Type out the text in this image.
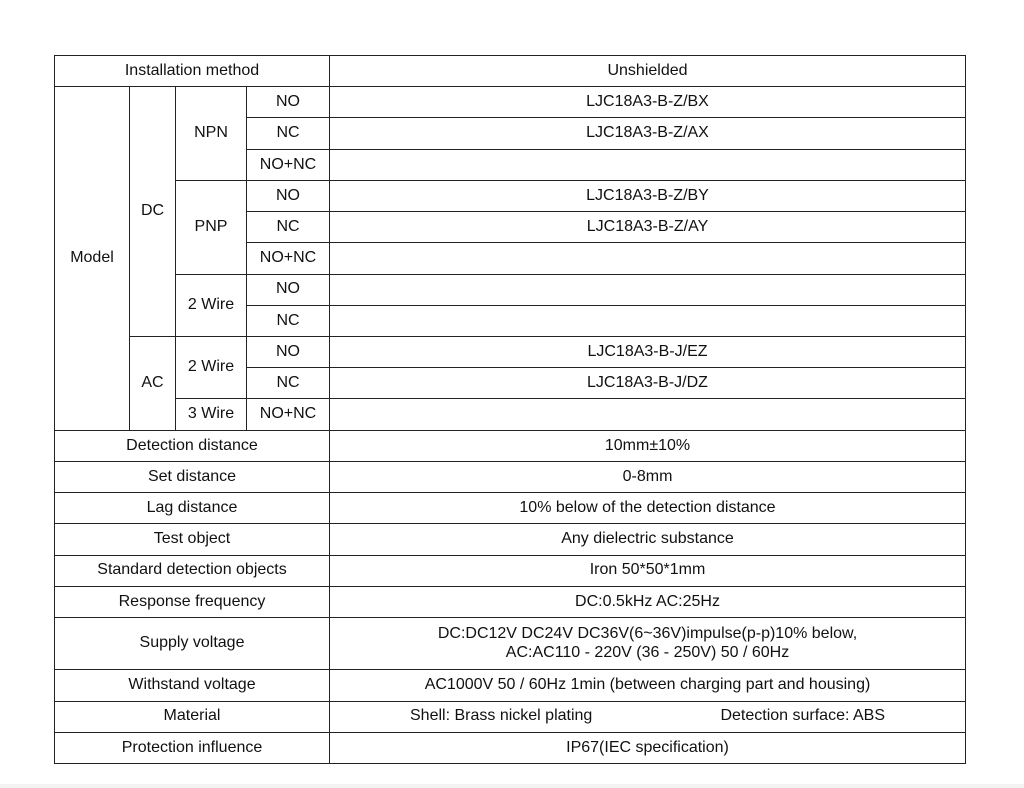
Installation method				Unshielded
Model	DC	NPN	NO	LJC18A3-B-Z/BX
			NC	LJC18A3-B-Z/AX
			NO+NC	
		PNP	NO	LJC18A3-B-Z/BY
			NC	LJC18A3-B-Z/AY
			NO+NC	
		2 Wire	NO	
			NC	
	AC	2 Wire	NO	LJC18A3-B-J/EZ
			NC	LJC18A3-B-J/DZ
		3 Wire	NO+NC	
Detection distance				10mm±10%
Set distance				0-8mm
Lag distance				10% below of the detection distance
Test object				Any dielectric substance
Standard detection objects				Iron 50*50*1mm
Response frequency				DC:0.5kHz AC:25Hz
Supply voltage				DC:DC12V DC24V DC36V(6~36V)impulse(p-p)10% below,
AC:AC110 - 220V (36 - 250V) 50 / 60Hz

Withstand voltage				AC1000V 50 / 60Hz 1min (between charging part and housing)
Material				Shell: Brass nickel plating Detection surface: ABS

Protection influence				IP67(IEC specification)
